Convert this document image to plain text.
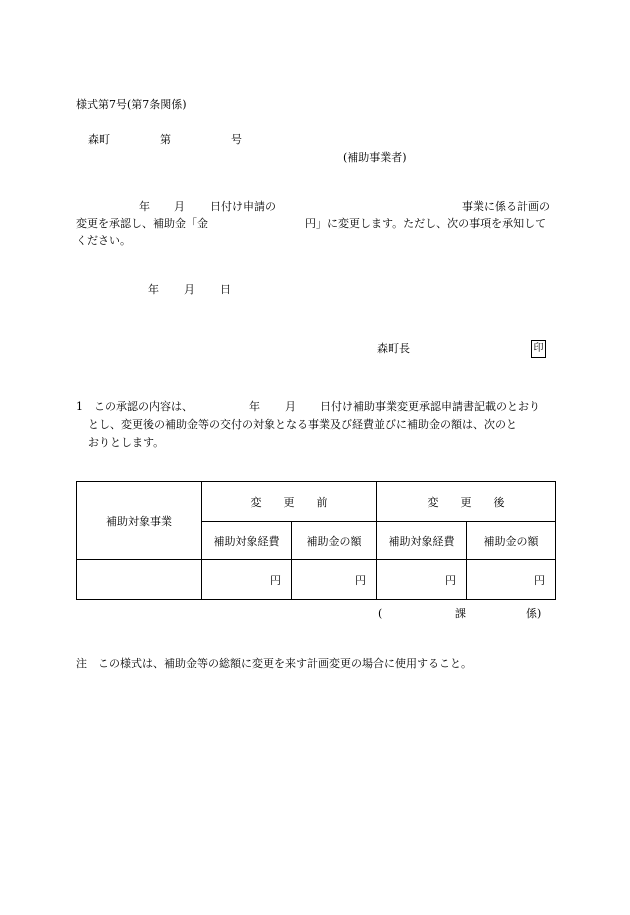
様式第7号(第7条関係)
森町	第	号
(補助事業者)
年 月 日付け申請の	事業に係る計画の
変更を承認し、補助金「金	円」に変更します。ただし、次の事項を承知して
ください。
年 月 日
森町長	印
1 この承認の内容は、	年 月 日付け補助事業変更承認申請書記載のとおり
とし、変更後の補助金等の交付の対象となる事業及び経費並びに補助金の額は、次のと
おりとします。
補助対象事業	変　　更　　前		変　　更　　後	
	補助対象経費	補助金の額	補助対象経費	補助金の額
	円	円	円	円
(	課	係)
注　この様式は、補助金等の総額に変更を来す計画変更の場合に使用すること。
